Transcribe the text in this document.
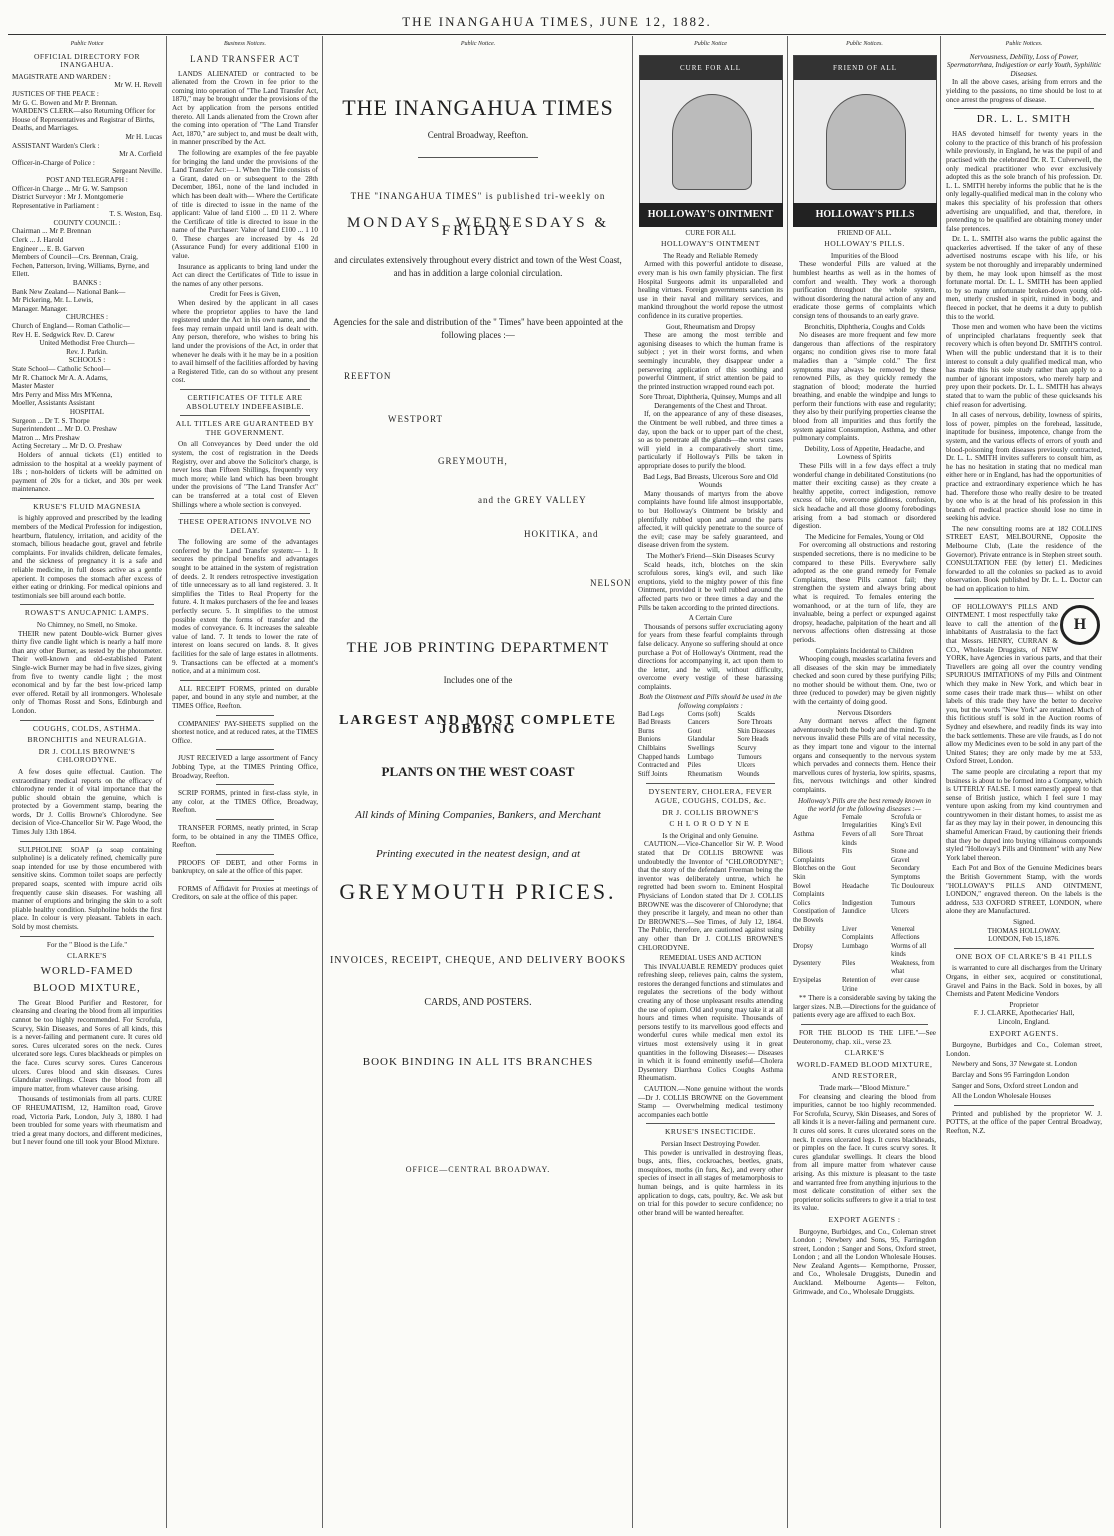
THE INANGAHUA TIMES, JUNE 12, 1882.
Public Notice
OFFICIAL DIRECTORY FOR INANGAHUA.
MAGISTRATE AND WARDEN :
Mr W. H. Revell
JUSTICES OF THE PEACE :
Mr G. C. Bowen and Mr P. Brennan.
WARDEN'S CLERK—also Returning Officer for House of Representatives and Registrar of Births, Deaths, and Marriages.
Mr H. Lucas
ASSISTANT Warden's Clerk :
Mr A. Corfield
Officer-in-Charge of Police :
Sergeant Neville.
POST AND TELEGRAPH :
Officer-in Charge ... Mr G. W. Sampson
District Surveyor : Mr J. Montgomerie
Representative in Parliament :
T. S. Weston, Esq.
COUNTY COUNCIL :
Chairman ... Mr P. Brennan
Clerk ... J. Harold
Engineer ... E. B. Garven
Members of Council—Crs. Brennan, Craig, Fechen, Patterson, Irving, Williams, Byrne, and Ellett.
BANKS :
Bank New Zealand— National Bank—
Mr Pickering, Mr. L. Lewis,
Manager. Manager.
CHURCHES :
Church of England— Roman Catholic—
Rev H. E. Sedgwick Rev. D. Carew
United Methodist Free Church—
Rev. J. Parkin.
SCHOOLS :
State School— Catholic School—
Mr R. Chattock Mr A. A. Adams,
Master Master
Mrs Perry and Miss Mrs M'Kenna,
Moeller, Assistants Assistant
HOSPITAL
Surgeon ... Dr T. S. Thorpe
Superintendent ... Mr D. O. Preshaw
Matron ... Mrs Preshaw
Acting Secretary ... Mr D. O. Preshaw

Holders of annual tickets (£1) entitled to admission to the hospital at a weekly payment of 18s ; non-holders of tickets will be admitted on payment of 20s for a ticket, and 30s per week maintenance.

KRUSE'S FLUID MAGNESIA

is highly approved and prescribed by the leading members of the Medical Profession for indigestion, heartburn, flatulency, irritation, and acidity of the stomach, bilious headache gout, gravel and febrile complaints. For invalids children, delicate females, and the sickness of pregnancy it is a safe and reliable medicine, in full doses active as a gentle aperient. It composes the stomach after excess of either eating or drinking. For medical opinions and testimonials see bill around each bottle.

ROWAST'S ANUCAPNIC LAMPS.
No Chimney, no Smell, no Smoke.

THEIR new patent Double-wick Burner gives thirty five candle light which is nearly a half more than any other Burner, as tested by the photometer. Their well-known and old-established Patent Single-wick Burner may be had in five sizes, giving from five to twenty candle light ; the most economical and by far the best low-priced lamp ever offered. Retail by all ironmongers. Wholesale only of Thomas Rosst and Sons, Edinburgh and London.

COUGHS, COLDS, ASTHMA.
BRONCHITIS and NEURALGIA.
DR J. COLLIS BROWNE'S CHLORODYNE.

A few doses quite effectual. Caution. The extraordinary medical reports on the efficacy of chlorodyne render it of vital importance that the public should obtain the genuine, which is protected by a Government stamp, bearing the words, Dr J. Collis Browne's Chlorodyne. See decision of Vice-Chancellor Sir W. Page Wood, the Times July 13th 1864.

SULPHOLINE SOAP (a soap containing sulpholine) is a delicately refined, chemically pure soap intended for use by those encumbered with sensitive skins. Common toilet soaps are perfectly prepared soaps, scented with impure acrid oils frequently cause skin diseases. For washing all manner of eruptions and bringing the skin to a soft pliable healthy condition. Sulpholine holds the first place. In colour is very pleasant. Tablets in each. Sold by most chemists.

For the " Blood is the Life."
CLARKE'S
WORLD-FAMED
BLOOD MIXTURE,

The Great Blood Purifier and Restorer, for cleansing and clearing the blood from all impurities cannot be too highly recommended. For Scrofula, Scurvy, Skin Diseases, and Sores of all kinds, this is a never-failing and permanent cure. It cures old sores. Cures ulcerated sores on the neck. Cures ulcerated sore legs. Cures blackheads or pimples on the face. Cures scurvy sores. Cures Cancerous ulcers. Cures blood and skin diseases. Cures Glandular swellings. Clears the blood from all impure matter, from whatever cause arising.

Thousands of testimonials from all parts. CURE OF RHEUMATISM, 12, Hamilton road, Grove road, Victoria Park, London, July 3, 1880. I had been troubled for some years with rheumatism and tried a great many doctors, and different medicines, but I never found one till took your Blood Mixture.

Business Notices.
LAND TRANSFER ACT

LANDS ALIENATED or contracted to be alienated from the Crown in fee prior to the coming into operation of "The Land Transfer Act, 1870," may be brought under the provisions of the Act by application from the persons entitled thereto. All Lands alienated from the Crown after the coming into operation of "The Land Transfer Act, 1870," are subject to, and must be dealt with, in manner prescribed by the Act.

The following are examples of the fee payable for bringing the land under the provisions of the Land Transfer Act:— 1. When the Title consists of a Grant, dated on or subsequent to the 28th December, 1861, none of the land included in which has been dealt with— Where the Certificate of title is directed to issue in the name of the applicant: Value of land £100 ... £0 11 2. Where the Certificate of title is directed to issue in the name of the Purchaser: Value of land £100 ... 1 10 0. These charges are increased by 4s 2d (Assurance Fund) for every additional £100 in value.

Insurance as applicants to bring land under the Act can direct the Certificates of Title to issue in the names of any other persons.

Credit for Fees is Given,

When desired by the applicant in all cases where the proprietor applies to have the land registered under the Act in his own name, and the fees may remain unpaid until land is dealt with. Any person, therefore, who wishes to bring his land under the provisions of the Act, in order that whenever he deals with it he may be in a position to avail himself of the facilities afforded by having a Registered Title, can do so without any present cost.

CERTIFICATES OF TITLE ARE ABSOLUTELY INDEFEASIBLE.
ALL TITLES ARE GUARANTEED BY THE GOVERNMENT.

On all Conveyances by Deed under the old system, the cost of registration in the Deeds Registry, over and above the Solicitor's charge, is never less than Fifteen Shillings, frequently very much more; while land which has been brought under the provisions of "The Land Transfer Act" can be transferred at a total cost of Eleven Shillings where a whole section is conveyed.

THESE OPERATIONS INVOLVE NO DELAY.

The following are some of the advantages conferred by the Land Transfer system:— 1. It secures the principal benefits and advantages sought to be attained in the system of registration of deeds. 2. It renders retrospective investigation of title unnecessary as to all land registered. 3. It simplifies the Titles to Real Property for the future. 4. It makes purchasers of the fee and leases perfectly secure. 5. It simplifies to the utmost possible extent the forms of transfer and the modes of conveyance. 6. It increases the saleable value of land. 7. It tends to lower the rate of interest on loans secured on lands. 8. It gives facilities for the sale of large estates in allotments. 9. Transactions can be effected at a moment's notice, and at a minimum cost.

ALL RECEIPT FORMS, printed on durable paper, and bound in any style and number, at the TIMES Office, Reefton.

COMPANIES' PAY-SHEETS supplied on the shortest notice, and at reduced rates, at the TIMES Office.

JUST RECEIVED a large assortment of Fancy Jobbing Type, at the TIMES Printing Office, Broadway, Reefton.

SCRIP FORMS, printed in first-class style, in any color, at the TIMES Office, Broadway, Reefton.

TRANSFER FORMS, neatly printed, in Scrap form, to be obtained in any the TIMES Office, Reefton.

PROOFS OF DEBT, and other Forms in bankruptcy, on sale at the office of this paper.

FORMS of Affidavit for Proxies at meetings of Creditors, on sale at the office of this paper.

Public Notice.
THE INANGAHUA TIMES
Central Broadway, Reefton.
THE "INANGAHUA TIMES" is published tri-weekly on
MONDAYS, WEDNESDAYS & FRIDAY
and circulates extensively throughout every district and town of the West Coast, and has in addition a large colonial circulation.
Agencies for the sale and distribution of the " Times" have been appointed at the following places :—
REEFTON
WESTPORT
GREYMOUTH,
and the GREY VALLEY
HOKITIKA, and
NELSON
THE JOB PRINTING DEPARTMENT
Includes one of the
LARGEST AND MOST COMPLETE JOBBING
PLANTS ON THE WEST COAST
All kinds of Mining Companies, Bankers, and Merchant
Printing executed in the neatest design, and at
GREYMOUTH PRICES.
INVOICES, RECEIPT, CHEQUE, AND DELIVERY BOOKS
CARDS, AND POSTERS.
BOOK BINDING IN ALL ITS BRANCHES
OFFICE—CENTRAL BROADWAY.
Public Notice
CURE FOR ALL
HOLLOWAY'S OINTMENT
CURE FOR ALL
HOLLOWAY'S OINTMENT
The Ready and Reliable Remedy

Armed with this powerful antidote to disease, every man is his own family physician. The first Hospital Surgeons admit its unparalleled and healing virtues. Foreign governments sanction its use in their naval and military services, and mankind throughout the world repose the utmost confidence in its curative properties.

Gout, Rheumatism and Dropsy

These are among the most terrible and agonising diseases to which the human frame is subject ; yet in their worst forms, and when seemingly incurable, they disappear under a persevering application of this soothing and powerful Ointment, if strict attention be paid to the printed instruction wrapped round each pot.

Sore Throat, Diphtheria, Quinsey, Mumps and all Derangements of the Chest and Throat.

If, on the appearance of any of these diseases, the Ointment be well rubbed, and three times a day, upon the back or to upper part of the chest, so as to penetrate all the glands—the worst cases will yield in a comparatively short time, particularly if Holloway's Pills be taken in appropriate doses to purify the blood.

Bad Legs, Bad Breasts, Ulcerous Sore and Old Wounds

Many thousands of martyrs from the above complaints have found life almost insupportable, to but Holloway's Ointment be briskly and plentifully rubbed upon and around the parts affected, it will quickly penetrate to the source of the evil; case may be safely guaranteed, and disease driven from the system.

The Mother's Friend—Skin Diseases Scurvy

Scald heads, itch, blotches on the skin scrofulous sores, king's evil, and such like eruptions, yield to the mighty power of this fine Ointment, provided it be well rubbed around the affected parts two or three times a day and the Pills be taken according to the printed directions.

A Certain Cure

Thousands of persons suffer excruciating agony for years from these fearful complaints through false delicacy. Anyone so suffering should at once purchase a Pot of Holloway's Ointment, read the directions for accompanying it, act upon them to the letter, and he will, without difficulty, overcome every vestige of these harassing complaints.

Both the Ointment and Pills should be used in the following complaints :
Bad Legs	Corns (soft)	Scalds
Bad Breasts	Cancers	Sore Throats
Burns	Gout	Skin Diseases
Bunions	Glandular	Sore Heads
Chilblains	Swellings	Scurvy
Chapped hands	Lumbago	Tumours
Contracted and	Piles	Ulcers
Stiff Joints	Rheumatism	Wounds
DYSENTERY, CHOLERA, FEVER AGUE, COUGHS, COLDS, &c.
DR J. COLLIS BROWNE'S
CHLORODYNE
Is the Original and only Genuine.

CAUTION.—Vice-Chancellor Sir W. P. Wood stated that Dr COLLIS BROWNE was undoubtedly the Inventor of "CHLORODYNE"; that the story of the defendant Freeman being the inventor was deliberately untrue, which he regretted had been sworn to. Eminent Hospital Physicians of London stated that Dr J. COLLIS BROWNE was the discoverer of Chlorodyne; that they prescribe it largely, and mean no other than Dr BROWNE'S.—See Times, of July 12, 1864. The Public, therefore, are cautioned against using any other than Dr J. COLLIS BROWNE'S CHLORODYNE.

REMEDIAL USES AND ACTION

This INVALUABLE REMEDY produces quiet refreshing sleep, relieves pain, calms the system, restores the deranged functions and stimulates and regulates the secretions of the body without creating any of those unpleasant results attending the use of opium. Old and young may take it at all hours and times when requisite. Thousands of persons testify to its marvellous good effects and wonderful cures while medical men extol its virtues most extensively using it in great quantities in the following Diseases:— Diseases in which it is found eminently useful—Cholera Dysentery Diarrhœa Colics Coughs Asthma Rheumatism.

CAUTION.—None genuine without the words—Dr J. COLLIS BROWNE on the Government Stamp — Overwhelming medical testimony accompanies each bottle

KRUSE'S INSECTICIDE.
Persian Insect Destroying Powder.

This powder is unrivalled in destroying fleas, bugs, ants, flies, cockroaches, beetles, gnats, mosquitoes, moths (in furs, &c), and every other species of insect in all stages of metamorphosis to human beings, and is quite harmless in its application to dogs, cats, poultry, &c. We ask but on trial for this powder to secure confidence; no other brand will be wanted hereafter.

Public Notices.
FRIEND OF ALL
HOLLOWAY'S PILLS
FRIEND OF ALL.
HOLLOWAY'S PILLS.
Impurities of the Blood

These wonderful Pills are valued at the humblest hearths as well as in the homes of comfort and wealth. They work a thorough purification throughout the whole system, without disordering the natural action of any and eradicate those germs of complaints which consign tens of thousands to an early grave.

Bronchitis, Diphtheria, Coughs and Colds

No diseases are more frequent and few more dangerous than affections of the respiratory organs; no condition gives rise to more fatal maladies than a "simple cold." The first symptoms may always be removed by these renowned Pills, as they quickly remedy the stagnation of blood; moderate the hurried breathing, and enable the windpipe and lungs to perform their functions with ease and regularity; they also by their purifying properties cleanse the blood from all impurities and thus fortify the system against Consumption, Asthma, and other pulmonary complaints.

Debility, Loss of Appetite, Headache, and Lowness of Spirits

These Pills will in a few days effect a truly wonderful change in debilitated Constitutions (no matter their exciting cause) as they create a healthy appetite, correct indigestion, remove excess of bile, overcome giddiness, confusion, sick headache and all those gloomy forebodings arising from a bad stomach or disordered digestion.

The Medicine for Females, Young or Old

For overcoming all obstructions and restoring suspended secretions, there is no medicine to be compared to these Pills. Everywhere sally adopted as the one grand remedy for Female Complaints, these Pills cannot fail; they strengthen the system and always bring about what is required. To females entering the womanhood, or at the turn of life, they are invaluable, being a perfect or expunged against dropsy, headache, palpitation of the heart and all nervous affections often distressing at those periods.

Complaints Incidental to Children

Whooping cough, measles scarlatina fevers and all diseases of the skin may be immediately checked and soon cured by these purifying Pills; no mother should be without them. One, two or three (reduced to powder) may be given nightly with the certainty of doing good.

Nervous Disorders

Any dormant nerves affect the figment adventurously both the body and the mind. To the nervous invalid these Pills are of vital necessity, as they impart tone and vigour to the internal organs and consequently to the nervous system which pervades and connects them. Hence their marvellous cures of hysteria, low spirits, spasms, fits, nervous twitchings and other kindred complaints.

Holloway's Pills are the best remedy known in the world for the following diseases :—
Ague	Female Irregularities
Scrofula or King's Evil
Asthma	Fevers of all kinds
Sore Throat
Bilious Complaints
Fits	Stone and Gravel
Blotches on the Skin
Gout	Secondary Symptoms
Bowel Complaints
Headache	Tic Douloureux
Colics	Indigestion	Tumours
Constipation of the Bowels
Jaundice	Ulcers
Debility	Liver Complaints
Venereal Affections
Dropsy	Lumbago	Worms of all kinds
Dysentery	Piles	Weakness, from what
Erysipelas	Retention of Urine
ever cause

** There is a considerable saving by taking the larger sizes. N.B.—Directions for the guidance of patients every age are affixed to each Box.

FOR THE BLOOD IS THE LIFE."—See Deuteronomy, chap. xii., verse 23.

CLARKE'S
WORLD-FAMED BLOOD MIXTURE,
AND RESTORER,
Trade mark—"Blood Mixture."

For cleansing and clearing the blood from impurities, cannot be too highly recommended. For Scrofula, Scurvy, Skin Diseases, and Sores of all kinds it is a never-failing and permanent cure. It cures old sores. It cures ulcerated sores on the neck. It cures ulcerated legs. It cures blackheads, or pimples on the face. It cures scurvy sores. It cures glandular swellings. It clears the blood from all impure matter from whatever cause arising. As this mixture is pleasant to the taste and warranted free from anything injurious to the most delicate constitution of either sex the proprietor solicits sufferers to give it a trial to test its value.

EXPORT AGENTS :

Burgoyne, Burbidges, and Co., Coleman street London ; Newbery and Sons, 95, Farringdon street, London ; Sanger and Sons, Oxford street, London ; and all the London Wholesale Houses. New Zealand Agents— Kempthorne, Prosser, and Co., Wholesale Druggists, Dunedin and Auckland. Melbourne Agents— Felton, Grimwade, and Co., Wholesale Druggists.

Public Notices.
Nervousness, Debility, Loss of Power, Spermatorrhœa, Indigestion or early Youth, Syphilitic Diseases.

In all the above cases, arising from errors and the yielding to the passions, no time should be lost to at once arrest the progress of disease.

DR. L. L. SMITH

HAS devoted himself for twenty years in the colony to the practice of this branch of his profession while previously, in England, he was the pupil of and practised with the celebrated Dr. R. T. Culverwell, the only medical practitioner who ever exclusively adopted this as the sole branch of his profession. Dr. L. L. SMITH hereby informs the public that he is the only legally-qualified medical man in the colony who makes this speciality of his profession that others advertising are unqualified, and that, therefore, in pretending to be qualified are obtaining money under false pretences.

Dr. L. L. SMITH also warns the public against the quackeries advertised. If the taker of any of these advertised nostrums escape with his life, or his system be not thoroughly and irreparably undermined by them, he may look upon himself as the most fortunate mortal. Dr. L. L. SMITH has been applied to by so many unfortunate broken-down young old-men, utterly crushed in spirit, ruined in body, and fleeced in pocket, that he deems it a duty to publish this to the world.

Those men and women who have been the victims of unprincipled charlatans frequently seek that recovery which is often beyond Dr. SMITH'S control. When will the public understand that it is to their interest to consult a duly qualified medical man, who has made this his sole study rather than apply to a number of ignorant impostors, who merely harp and prey upon their pockets. Dr. L. L. SMITH has always stated that to warn the public of these quicksands his chief reason for advertising.

In all cases of nervous, debility, lowness of spirits, loss of power, pimples on the forehead, lassitude, inaptitude for business, impotence, change from the system, and the various effects of errors of youth and blood-poisoning from diseases previously contracted, Dr. L. L. SMITH invites sufferers to consult him, as he has no hesitation in stating that no medical man either here or in England, has had the opportunities of practice and extraordinary experience which he has had. Therefore those who really desire to be treated by one who is at the head of his profession in this branch of medical practice should lose no time in seeking his advice.

The new consulting rooms are at 182 COLLINS STREET EAST, MELBOURNE, Opposite the Melbourne Club, (Late the residence of the Governor). Private entrance is in Stephen street south. CONSULTATION FEE (by letter) £1. Medicines forwarded to all the colonies so packed as to avoid observation. Book published by Dr. L. L. Doctor can be had on application to him.

H

OF HOLLOWAY'S PILLS AND OINTMENT. I most respectfully take leave to call the attention of the inhabitants of Australasia to the fact that Messrs. HENRY, CURRAN & CO., Wholesale Druggists, of NEW YORK, have Agencies in various parts, and that their Travellers are going all over the country vending SPURIOUS IMITATIONS of my Pills and Ointment which they make in New York, and which bear in some cases their trade mark thus— whilst on other labels of this trade they have the better to deceive you, but the words "New York" are retained. Much of this fictitious stuff is sold in the Auction rooms of Sydney and elsewhere, and readily finds its way into the back settlements. These are vile frauds, as I do not allow my Medicines even to be sold in any part of the United States; they are only made by me at 533, Oxford Street, London.

The same people are circulating a report that my business is about to be formed into a Company, which is UTTERLY FALSE. I most earnestly appeal to that sense of British justice, which I feel sure I may venture upon asking from my kind countrymen and countrywomen in their distant homes, to assist me as far as they may lay in their power, in denouncing this shameful American Fraud, by cautioning their friends that they be duped into buying villainous compounds styled "Holloway's Pills and Ointment" with any New York label thereon.

Each Pot and Box of the Genuine Medicines bears the British Government Stamp, with the words "HOLLOWAY'S PILLS AND OINTMENT, LONDON," engraved thereon. On the labels is the address, 533 OXFORD STREET, LONDON, where alone they are Manufactured.

Signed.
THOMAS HOLLOWAY.
LONDON, Feb 15,1876.
ONE BOX OF CLARKE'S B 41 PILLS

is warranted to cure all discharges from the Urinary Organs, in either sex, acquired or constitutional, Gravel and Pains in the Back. Sold in boxes, by all Chemists and Patent Medicine Vendors

Proprietor
F. J. CLARKE, Apothecaries' Hall,
Lincoln, England.
EXPORT AGENTS.

Burgoyne, Burbidges and Co., Coleman street, London.

Newbery and Sons, 37 Newgate st. London

Barclay and Sons 95 Farringdon London

Sanger and Sons, Oxford street London and

All the London Wholesale Houses

Printed and published by the proprietor W. J. POTTS, at the office of the paper Central Broadway, Reefton, N.Z.
